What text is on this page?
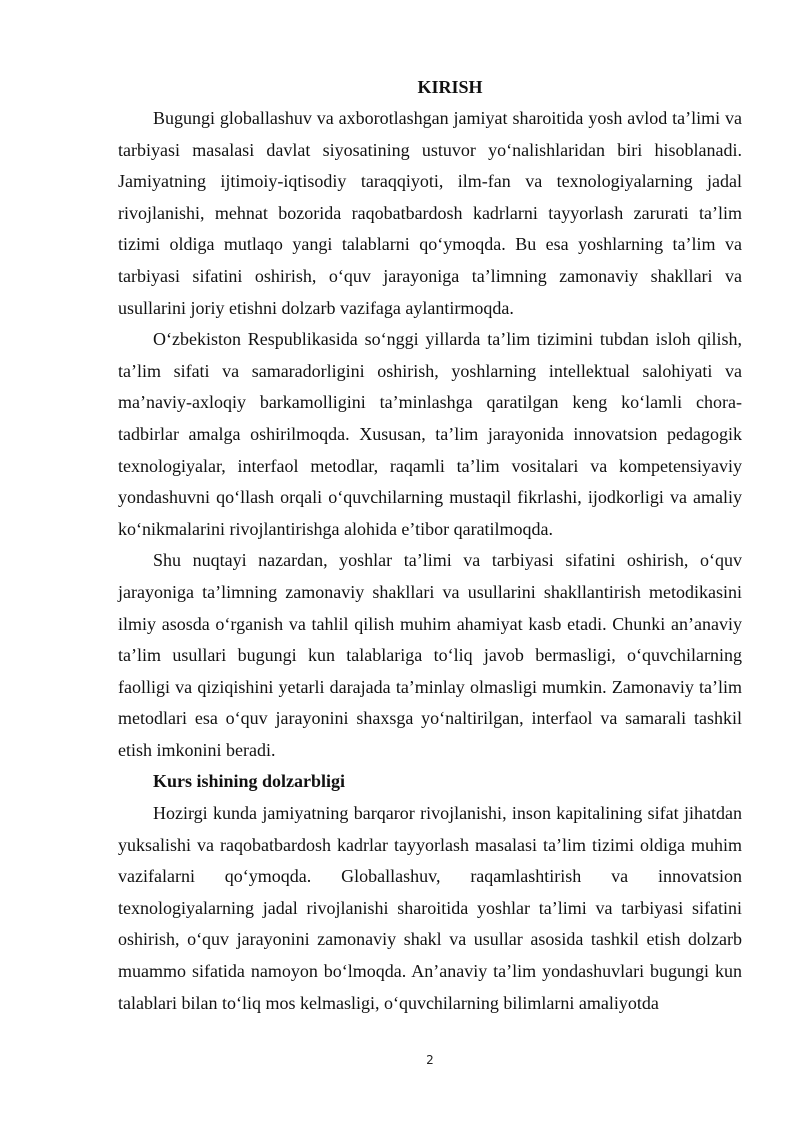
KIRISH

Bugungi globallashuv va axborotlashgan jamiyat sharoitida yosh avlod ta’limi va tarbiyasi masalasi davlat siyosatining ustuvor yo‘nalishlaridan biri hisoblanadi. Jamiyatning ijtimoiy-iqtisodiy taraqqiyoti, ilm-fan va texnologiyalarning jadal rivojlanishi, mehnat bozorida raqobatbardosh kadrlarni tayyorlash zarurati ta’lim tizimi oldiga mutlaqo yangi talablarni qo‘ymoqda. Bu esa yoshlarning ta’lim va tarbiyasi sifatini oshirish, o‘quv jarayoniga ta’limning zamonaviy shakllari va usullarini joriy etishni dolzarb vazifaga aylantirmoqda.

O‘zbekiston Respublikasida so‘nggi yillarda ta’lim tizimini tubdan isloh qilish, ta’lim sifati va samaradorligini oshirish, yoshlarning intellektual salohiyati va ma’naviy-axloqiy barkamolligini ta’minlashga qaratilgan keng ko‘lamli chora-tadbirlar amalga oshirilmoqda. Xususan, ta’lim jarayonida innovatsion pedagogik texnologiyalar, interfaol metodlar, raqamli ta’lim vositalari va kompetensiyaviy yondashuvni qo‘llash orqali o‘quvchilarning mustaqil fikrlashi, ijodkorligi va amaliy ko‘nikmalarini rivojlantirishga alohida e’tibor qaratilmoqda.

Shu nuqtayi nazardan, yoshlar ta’limi va tarbiyasi sifatini oshirish, o‘quv jarayoniga ta’limning zamonaviy shakllari va usullarini shakllantirish metodikasini ilmiy asosda o‘rganish va tahlil qilish muhim ahamiyat kasb etadi. Chunki an’anaviy ta’lim usullari bugungi kun talablariga to‘liq javob bermasligi, o‘quvchilarning faolligi va qiziqishini yetarli darajada ta’minlay olmasligi mumkin. Zamonaviy ta’lim metodlari esa o‘quv jarayonini shaxsga yo‘naltirilgan, interfaol va samarali tashkil etish imkonini beradi.

Kurs ishining dolzarbligi

Hozirgi kunda jamiyatning barqaror rivojlanishi, inson kapitalining sifat jihatdan yuksalishi va raqobatbardosh kadrlar tayyorlash masalasi ta’lim tizimi oldiga muhim vazifalarni qo‘ymoqda. Globallashuv, raqamlashtirish va innovatsion texnologiyalarning jadal rivojlanishi sharoitida yoshlar ta’limi va tarbiyasi sifatini oshirish, o‘quv jarayonini zamonaviy shakl va usullar asosida tashkil etish dolzarb muammo sifatida namoyon bo‘lmoqda. An’anaviy ta’lim yondashuvlari bugungi kun talablari bilan to‘liq mos kelmasligi, o‘quvchilarning bilimlarni amaliyotda

2
